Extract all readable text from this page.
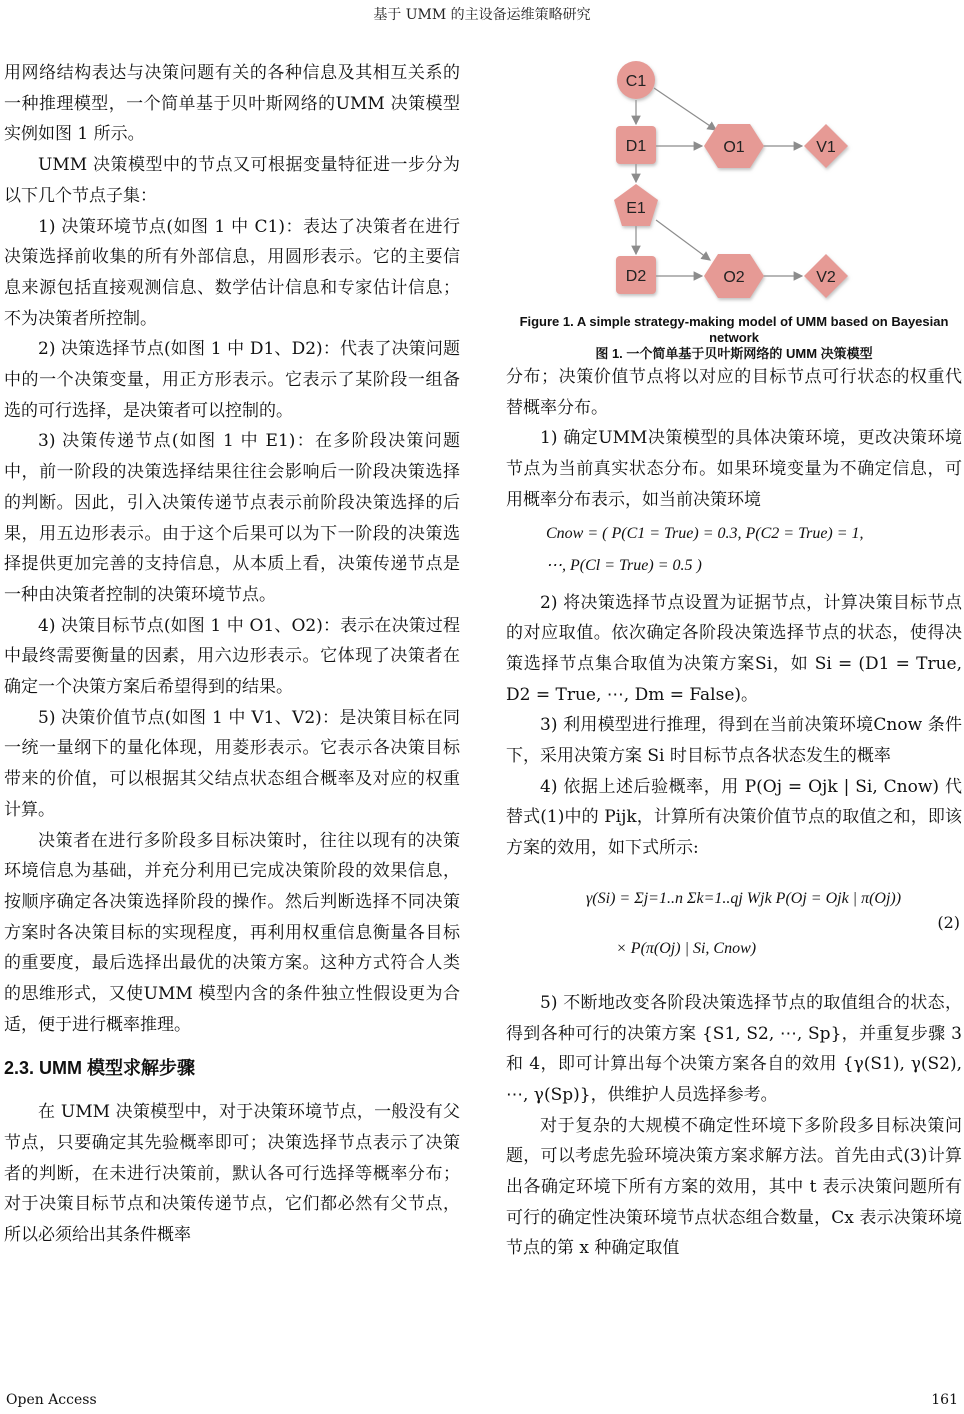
基于 UMM 的主设备运维策略研究

用网络结构表达与决策问题有关的各种信息及其相互关系的一种推理模型，一个简单基于贝叶斯网络的UMM 决策模型实例如图 1 所示。

UMM 决策模型中的节点又可根据变量特征进一步分为以下几个节点子集：

1) 决策环境节点(如图 1 中 C1)：表达了决策者在进行决策选择前收集的所有外部信息，用圆形表示。它的主要信息来源包括直接观测信息、数学估计信息和专家估计信息；不为决策者所控制。

2) 决策选择节点(如图 1 中 D1、D2)：代表了决策问题中的一个决策变量，用正方形表示。它表示了某阶段一组备选的可行选择，是决策者可以控制的。

3) 决策传递节点(如图 1 中 E1)：在多阶段决策问题中，前一阶段的决策选择结果往往会影响后一阶段决策选择的判断。因此，引入决策传递节点表示前阶段决策选择的后果，用五边形表示。由于这个后果可以为下一阶段的决策选择提供更加完善的支持信息，从本质上看，决策传递节点是一种由决策者控制的决策环境节点。

4) 决策目标节点(如图 1 中 O1、O2)：表示在决策过程中最终需要衡量的因素，用六边形表示。它体现了决策者在确定一个决策方案后希望得到的结果。

5) 决策价值节点(如图 1 中 V1、V2)：是决策目标在同一统一量纲下的量化体现，用菱形表示。它表示各决策目标带来的价值，可以根据其父结点状态组合概率及对应的权重计算。

决策者在进行多阶段多目标决策时，往往以现有的决策环境信息为基础，并充分利用已完成决策阶段的效果信息，按顺序确定各决策选择阶段的操作。然后判断选择不同决策方案时各决策目标的实现程度，再利用权重信息衡量各目标的重要度，最后选择出最优的决策方案。这种方式符合人类的思维形式，又使UMM 模型内含的条件独立性假设更为合适，便于进行概率推理。

2.3. UMM 模型求解步骤

在 UMM 决策模型中，对于决策环境节点，一般没有父节点，只要确定其先验概率即可；决策选择节点表示了决策者的判断，在未进行决策前，默认各可行选择等概率分布；对于决策目标节点和决策传递节点，它们都必然有父节点，所以必须给出其条件概率

C1
D1	O1	V1
E1
D2	O2	V2

Figure 1. A simple strategy-making model of UMM based on Bayesian network

图 1. 一个简单基于贝叶斯网络的 UMM 决策模型

分布；决策价值节点将以对应的目标节点可行状态的权重代替概率分布。

1) 确定UMM决策模型的具体决策环境，更改决策环境节点为当前真实状态分布。如果环境变量为不确定信息，可用概率分布表示，如当前决策环境

Cnow = ( P(C1 = True) = 0.3, P(C2 = True) = 1,
⋯, P(Cl = True) = 0.5 )

2) 将决策选择节点设置为证据节点，计算决策目标节点的对应取值。依次确定各阶段决策选择节点的状态，使得决策选择节点集合取值为决策方案Si，如 Si = (D1 = True, D2 = True, ⋯, Dm = False)。

3) 利用模型进行推理，得到在当前决策环境Cnow 条件下，采用决策方案 Si 时目标节点各状态发生的概率

4) 依据上述后验概率，用 P(Oj = Ojk | Si, Cnow) 代替式(1)中的 Pijk，计算所有决策价值节点的取值之和，即该方案的效用，如下式所示:

γ(Si) = Σj=1..n Σk=1..qj Wjk P(Oj = Ojk | π(Oj))
× P(π(Oj) | Si, Cnow)
(2)

5) 不断地改变各阶段决策选择节点的取值组合的状态，得到各种可行的决策方案 {S1, S2, ⋯, Sp}，并重复步骤 3 和 4，即可计算出每个决策方案各自的效用 {γ(S1), γ(S2), ⋯, γ(Sp)}，供维护人员选择参考。

对于复杂的大规模不确定性环境下多阶段多目标决策问题，可以考虑先验环境决策方案求解方法。首先由式(3)计算出各确定环境下所有方案的效用，其中 t 表示决策问题所有可行的确定性决策环境节点状态组合数量，Cx 表示决策环境节点的第 x 种确定取值

Open Access	161
